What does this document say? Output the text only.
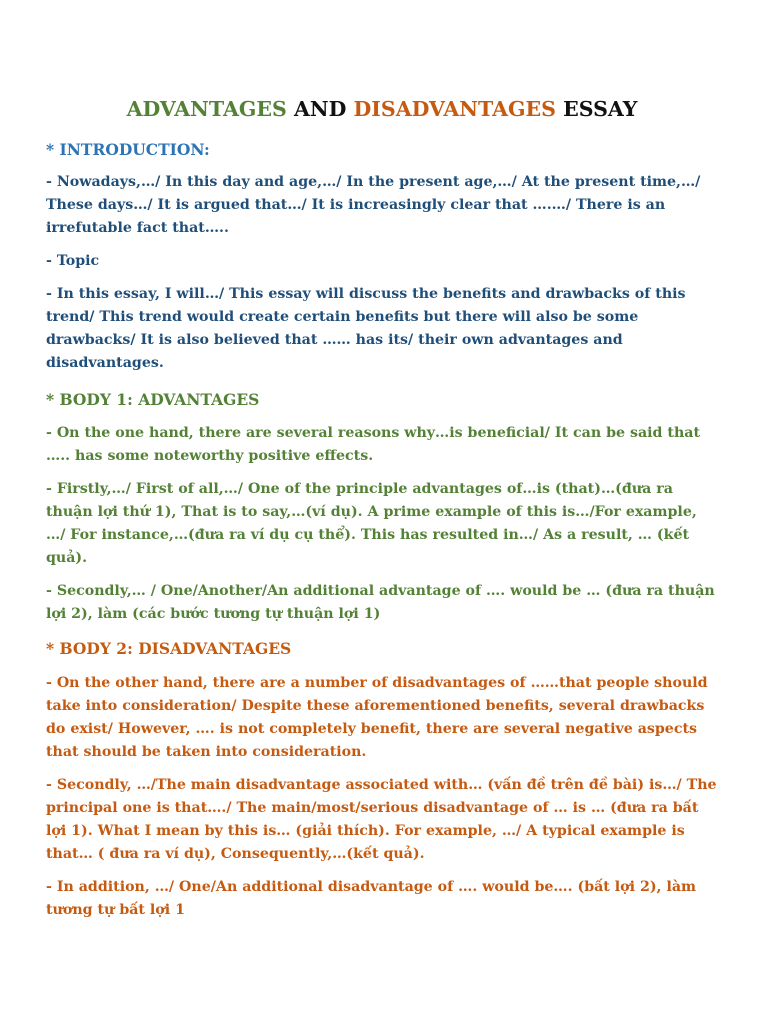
ADVANTAGES AND DISADVANTAGES ESSAY
* INTRODUCTION:

- Nowadays,…/ In this day and age,…/ In the present age,…/ At the present time,…/ These days…/ It is argued that…/ It is increasingly clear that ….…/ There is an irrefutable fact that…..

- Topic

- In this essay, I will…/ This essay will discuss the benefits and drawbacks of this trend/ This trend would create certain benefits but there will also be some drawbacks/ It is also believed that …… has its/ their own advantages and disadvantages.

* BODY 1: ADVANTAGES

- On the one hand, there are several reasons why…is beneficial/ It can be said that ….. has some noteworthy positive effects.

- Firstly,…/ First of all,…/ One of the principle advantages of…is (that)…(đưa ra thuận lợi thứ 1), That is to say,…(ví dụ). A prime example of this is…/For example, …/ For instance,…(đưa ra ví dụ cụ thể). This has resulted in…/ As a result, … (kết quả).

- Secondly,… / One/Another/An additional advantage of …. would be … (đưa ra thuận lợi 2), làm (các bước tương tự thuận lợi 1)

* BODY 2: DISADVANTAGES

- On the other hand, there are a number of disadvantages of ……that people should take into consideration/ Despite these aforementioned benefits, several drawbacks do exist/ However, …. is not completely benefit, there are several negative aspects that should be taken into consideration.

- Secondly, …/The main disadvantage associated with… (vấn đề trên đề bài) is…/ The principal one is that…./ The main/most/serious disadvantage of … is … (đưa ra bất lợi 1). What I mean by this is… (giải thích). For example, …/ A typical example is that… ( đưa ra ví dụ), Consequently,…(kết quả).

- In addition, …/ One/An additional disadvantage of …. would be…. (bất lợi 2), làm tương tự bất lợi 1
